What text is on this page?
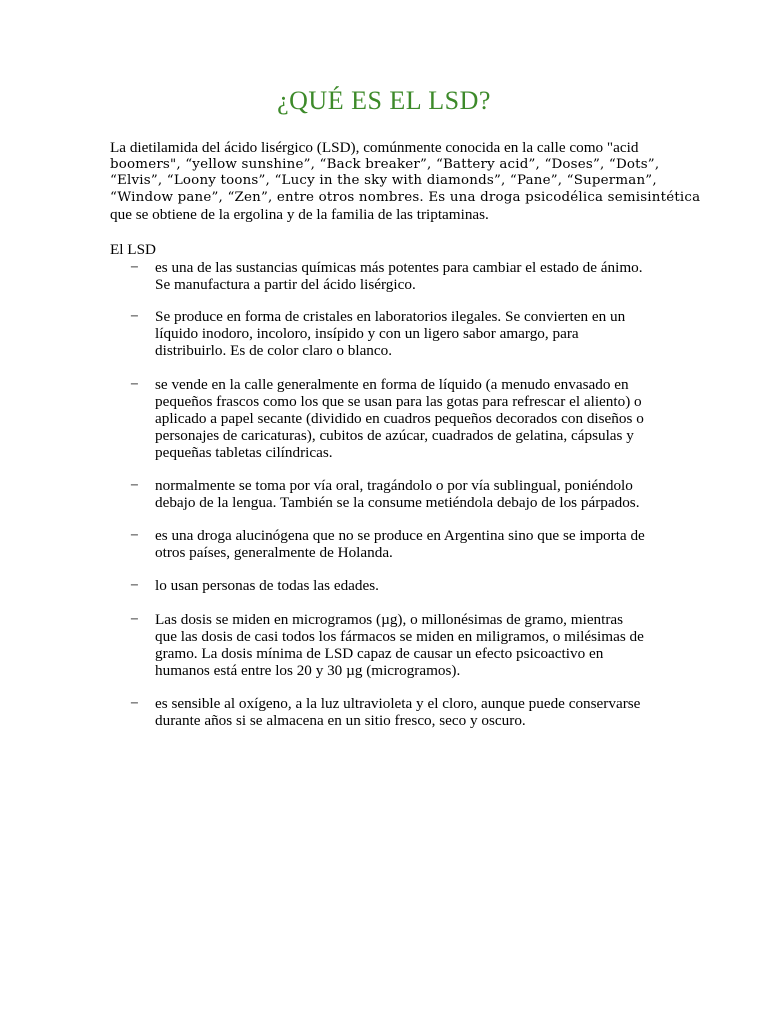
¿QUÉ ES EL LSD?

La dietilamida del ácido lisérgico (LSD), comúnmente conocida en la calle como "acid
boomers", “yellow sunshine”, “Back breaker”, “Battery acid”, “Doses”, “Dots”,
“Elvis”, “Loony toons”, “Lucy in the sky with diamonds”, “Pane”, “Superman”,
“Window pane”, “Zen”, entre otros nombres. Es una droga psicodélica semisintética
que se obtiene de la ergolina y de la familia de las triptaminas.

El LSD

− es una de las sustancias químicas más potentes para cambiar el estado de ánimo.
Se manufactura a partir del ácido lisérgico.
− Se produce en forma de cristales en laboratorios ilegales. Se convierten en un
líquido inodoro, incoloro, insípido y con un ligero sabor amargo, para
distribuirlo. Es de color claro o blanco.
− se vende en la calle generalmente en forma de líquido (a menudo envasado en
pequeños frascos como los que se usan para las gotas para refrescar el aliento) o
aplicado a papel secante (dividido en cuadros pequeños decorados con diseños o
personajes de caricaturas), cubitos de azúcar, cuadrados de gelatina, cápsulas y
pequeñas tabletas cilíndricas.
− normalmente se toma por vía oral, tragándolo o por vía sublingual, poniéndolo
debajo de la lengua. También se la consume metiéndola debajo de los párpados.
− es una droga alucinógena que no se produce en Argentina sino que se importa de
otros países, generalmente de Holanda.
− lo usan personas de todas las edades.
− Las dosis se miden en microgramos (µg), o millonésimas de gramo, mientras
que las dosis de casi todos los fármacos se miden en miligramos, o milésimas de
gramo. La dosis mínima de LSD capaz de causar un efecto psicoactivo en
humanos está entre los 20 y 30 µg (microgramos).
− es sensible al oxígeno, a la luz ultravioleta y el cloro, aunque puede conservarse
durante años si se almacena en un sitio fresco, seco y oscuro.
